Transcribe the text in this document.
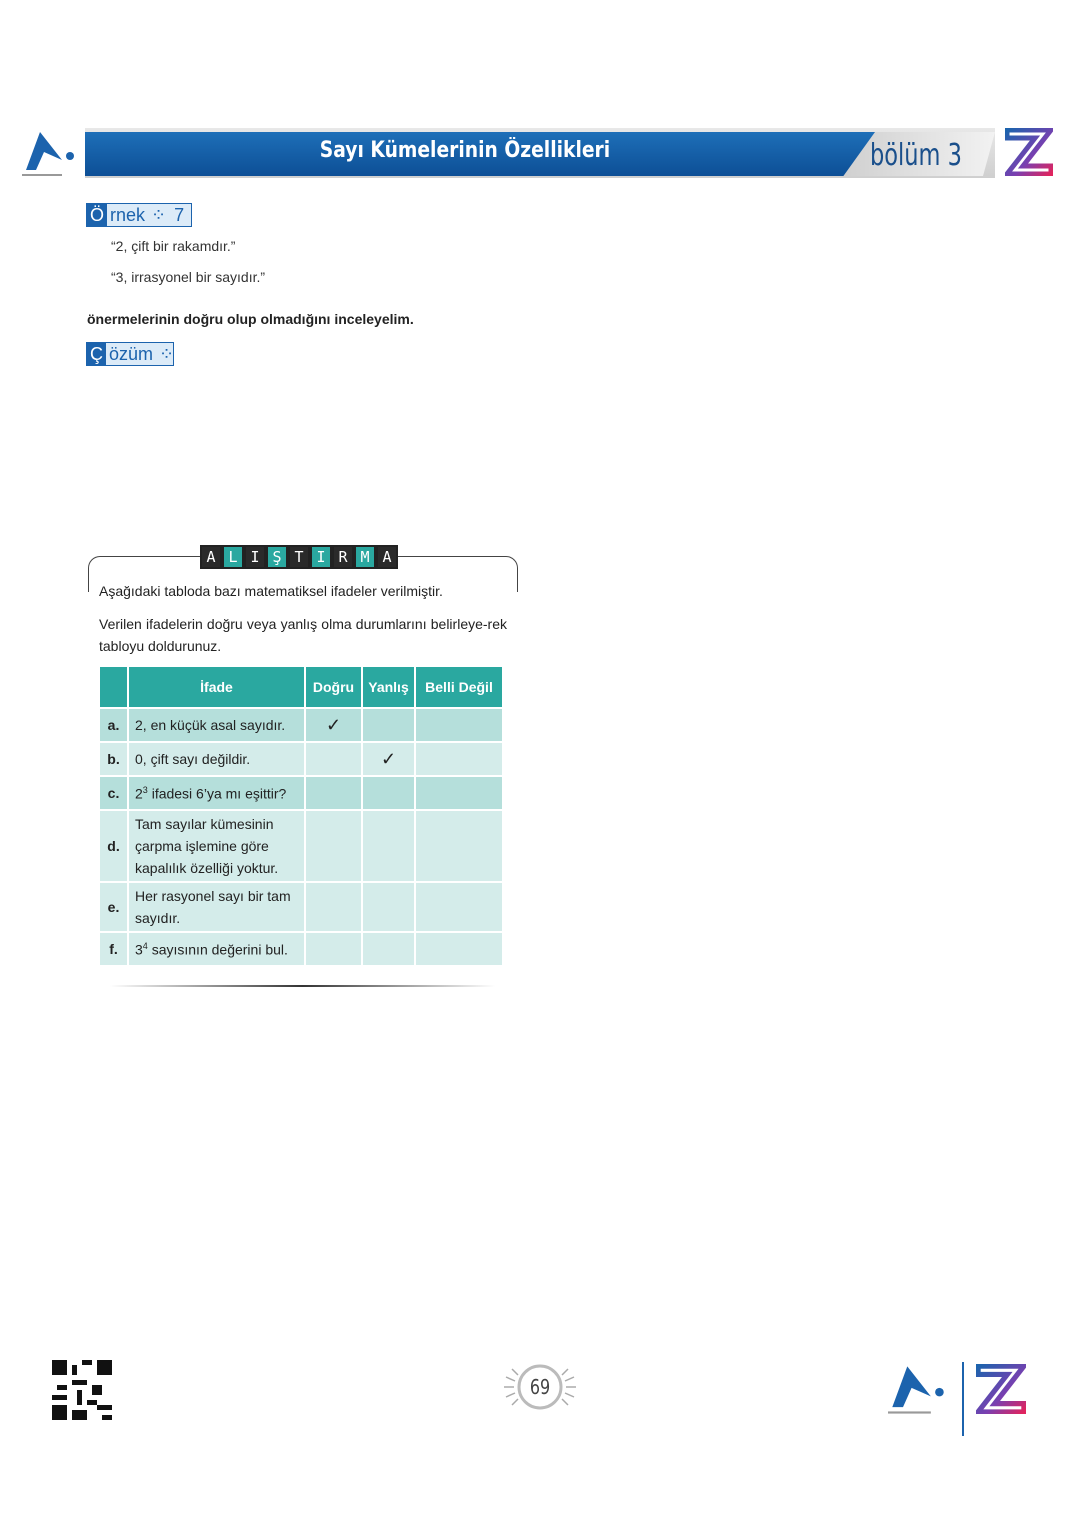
Sayı Kümelerinin Özellikleri	bölüm 3
Ö rnek ⁘ 7
“2, çift bir rakamdır.”
“3, irrasyonel bir sayıdır.”
önermelerinin doğru olup olmadığını inceleyelim.
Ç özüm ⁘
A L I Ş T I R M A
Aşağıdaki tabloda bazı matematiksel ifadeler verilmiştir.
Verilen ifadelerin doğru veya yanlış olma durumlarını belirleye-rek tabloyu doldurunuz.
	İfade	Doğru	Yanlış	Belli Değil
a.	2, en küçük asal sayıdır.	✓		
b.	0, çift sayı değildir.		✓	
c.	$2^3$ ifadesi 6’ya mı eşittir?			
d.	Tam sayılar kümesinin çarpma işlemine göre kapalılık özelliği yoktur.			
e.	Her rasyonel sayı bir tam sayıdır.			
f.	$3^4$ sayısının değerini bul.			
69
